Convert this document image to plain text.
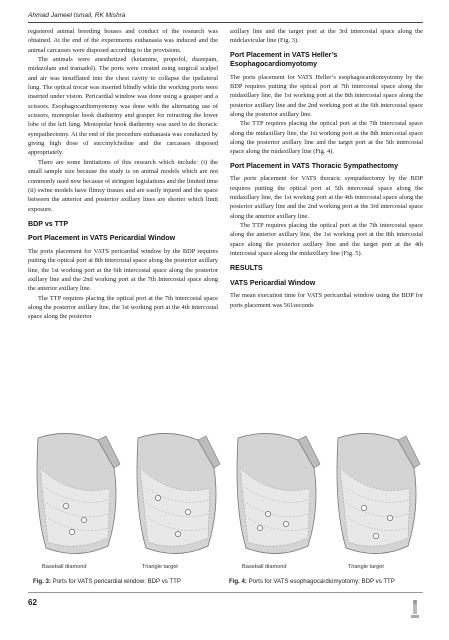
Ahmad Jameel Ismail, RK Mishra

registered animal breeding houses and conduct of the research was obtained. At the end of the experiments euthanasia was induced and the animal carcasses were disposed according to the provisions.

The animals were anesthetized (ketamine, propofol, diazepam, midazolam and tramadol). The ports were created using surgical scalpel and air was insufflated into the chest cavity to collapse the ipsilateral lung. The optical trocar was inserted blindly while the working ports were inserted under vision. Pericardial window was done using a grasper and a scissors. Esophagocardiomyotomy was done with the alternating use of scissors, monopolar hook diathermy and grasper for retracting the lower lobe of the left lung. Monopolar hook diathermy was used to do thoracic sympathectomy. At the end of the procedure euthanasia was conducted by giving high dose of succinylcholine and the carcasses disposed appropriately.

There are some limitations of this research which include: (i) the small sample size because the study is on animal models which are not commonly used now because of stringent legislations and the limited time (ii) swine models have flimsy tissues and are easily injured and the space between the anterior and posterior axillary lines are shorter which limit exposure.

BDP vs TTP
Port Placement in VATS Pericardial Window

The ports placement for VATS pericardial window by the BDP requires putting the optical port at 8th intercostal space along the posterior axillary line, the 1st working port at the 6th intercostal space along the posterior axillary line and the 2nd working port at the 7th Intercostal space along the anterior axillary line.

The TTP requires placing the optical port at the 7th intercostal space along the posterior axillary line, the 1st working port at the 4th intercostal space along the posterior

axillary line and the target port at the 3rd intercostal space along the midclavicular line (Fig. 3).

Port Placement in VATS Heller’s Esophagocardiomyotomy

The ports placement for VATS Heller’s esophagocardiomyotomy by the BDP requires putting the optical port at 7th intercostal space along the midaxillary line, the 1st working port at the 8th intercostal space along the posterior axillary line and the 2nd working port at the 6th intercostal space along the posterior axillary line.

The TTP requires placing the optical port at the 7th intercostal space along the midaxillary line, the 1st working port at the 8th intercostal space along the posterior axillary line and the target port at the 5th intercostal space along the midaxillary line (Fig. 4).

Port Placement in VATS Thoracic Sympathectomy

The ports placement for VATS thoracic sympathectomy by the BDP requires putting the optical port at 5th intercostal space along the midaxillary line, the 1st working port at the 4th intercostal space along the posterior axillary line and the 2nd working port at the 3rd intercostal space along the anterior axillary line.

The TTP requires placing the optical port at the 7th intercostal space along the anterior axillary line, the 1st working port at the 8th intercostal space along the posterior axillary line and the target port at the 4th intercostal space along the midaxillary line (Fig. 5).

RESULTS
VATS Pericardial Window

The mean execution time for VATS pericardial window using the BDP for ports placement was 561seconds

Baseball diamond	Triangle target	Baseball diamond	Triangle target
Fig. 3: Ports for VATS pericardial window: BDP vs TTP	Fig. 4: Ports for VATS esophagocardiomyotomy: BDP vs TTP
62
